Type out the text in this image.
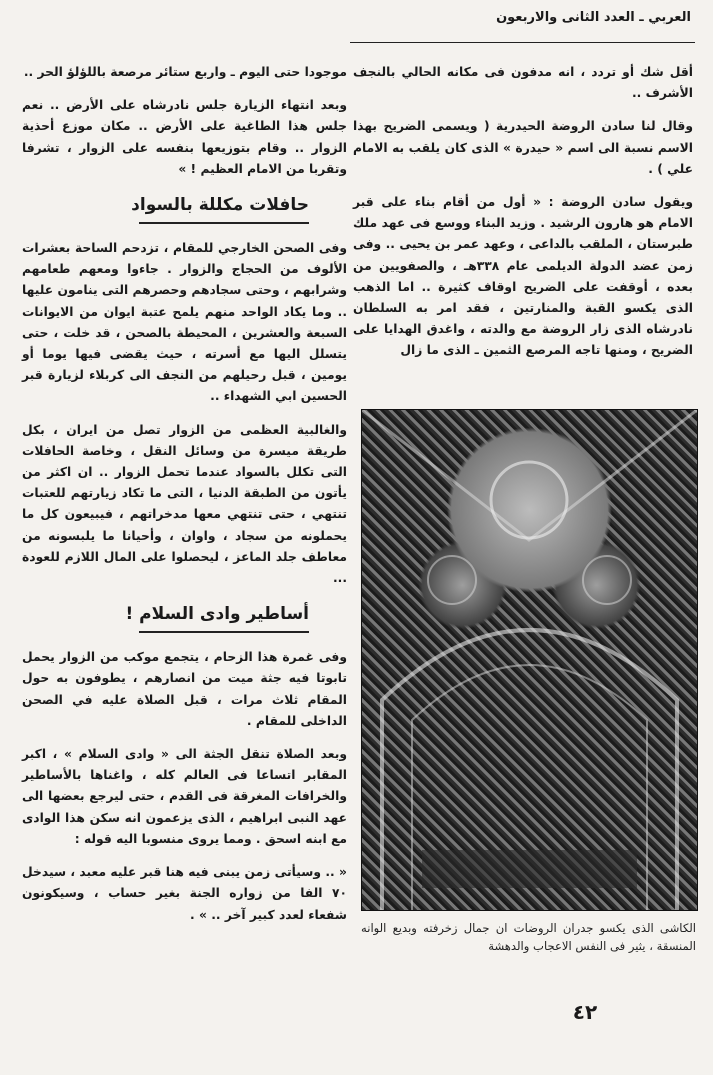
العربي ـ العدد الثانى والاربعون

أقل شك أو تردد ، انه مدفون فى مكانه الحالي بالنجف الأشرف ..

وقال لنا سادن الروضة الحيدرية ( ويسمى الضريح بهذا الاسم نسبة الى اسم « حيدرة » الذى كان يلقب به الامام علي ) .

ويقول سادن الروضة : « أول من أقام بناء على قبر الامام هو هارون الرشيد . وزيد البناء ووسع فى عهد ملك طبرستان ، الملقب بالداعى ، وعهد عمر بن يحيى .. وفى زمن عضد الدولة الديلمى عام ٣٣٨هـ ، والصفويين من بعده ، أوقفت على الضريح اوقاف كثيرة .. اما الذهب الذى يكسو القبة والمنارتين ، فقد امر به السلطان نادرشاه الذى زار الروضة مع والدته ، واغدق الهدايا على الضريح ، ومنها تاجه المرصع الثمين ـ الذى ما زال

الكاشى الذى يكسو جدران الروضات ان جمال زخرفته وبديع الوانه المنسقة ، يثير فى النفس الاعجاب والدهشة

موجودا حتى اليوم ـ واربع ستائر مرصعة باللؤلؤ الحر ..

وبعد انتهاء الزيارة جلس نادرشاه على الأرض .. نعم جلس هذا الطاغية على الأرض .. مكان موزع أحذية الزوار .. وقام بتوزيعها بنفسه على الزوار ، تشرفا وتقربا من الامام العظيم ! »

حافلات مكللة بالسواد

وفى الصحن الخارجي للمقام ، تزدحم الساحة بعشرات الألوف من الحجاج والزوار . جاءوا ومعهم طعامهم وشرابهم ، وحتى سجادهم وحصرهم التى ينامون عليها .. وما يكاد الواحد منهم يلمح عتبة ايوان من الايوانات السبعة والعشرين ، المحيطة بالصحن ، قد خلت ، حتى يتسلل اليها مع أسرته ، حيث يقضى فيها يوما أو يومين ، قبل رحيلهم من النجف الى كربلاء لزيارة قبر الحسين ابي الشهداء ..

والغالبية العظمى من الزوار تصل من ايران ، بكل طريقة ميسرة من وسائل النقل ، وخاصة الحافلات التى تكلل بالسواد عندما تحمل الزوار .. ان اكثر من يأتون من الطبقة الدنيا ، التى ما تكاد زيارتهم للعتبات تنتهي ، حتى تنتهي معها مدخراتهم ، فيبيعون كل ما يحملونه من سجاد ، واوان ، وأحيانا ما يلبسونه من معاطف جلد الماعز ، ليحصلوا على المال اللازم للعودة ...

أساطير وادى السلام !

وفى غمرة هذا الزحام ، يتجمع موكب من الزوار يحمل تابوتا فيه جثة ميت من انصارهم ، يطوفون به حول المقام ثلاث مرات ، قبل الصلاة عليه في الصحن الداخلى للمقام .

وبعد الصلاة تنقل الجثة الى « وادى السلام » ، اكبر المقابر اتساعا فى العالم كله ، واغناها بالأساطير والخرافات المغرقة فى القدم ، حتى ليرجع بعضها الى عهد النبى ابراهيم ، الذى يزعمون انه سكن هذا الوادى مع ابنه اسحق . ومما يروى منسوبا اليه قوله :

« .. وسيأتى زمن يبنى فيه هنا قبر عليه معبد ، سيدخل ٧٠ الفا من زواره الجنة بغير حساب ، وسيكونون شفعاء لعدد كبير آخر .. » .

٤٢
